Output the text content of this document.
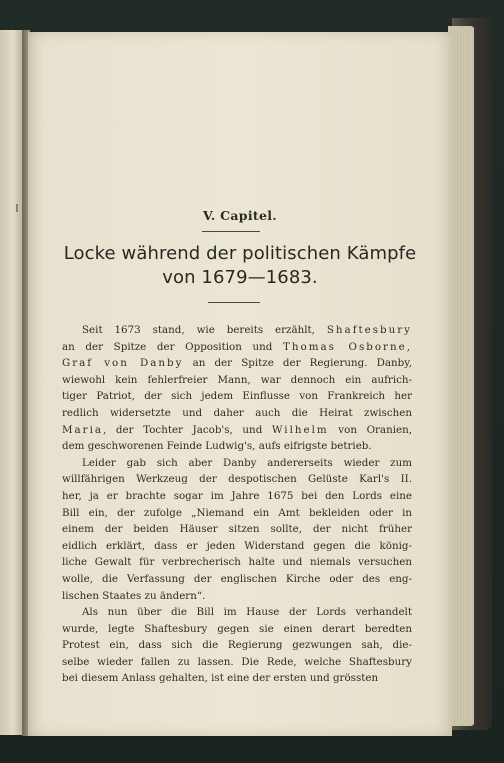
V. Capitel.
Locke während der politischen Kämpfe
von 1679—1683.
Seit 1673 stand, wie bereits erzählt, Shaftesbury
an der Spitze der Opposition und Thomas Osborne,
Graf von Danby an der Spitze der Regierung. Danby,
wiewohl kein fehlerfreier Mann, war dennoch ein aufrich-
tiger Patriot, der sich jedem Einflusse von Frankreich her
redlich widersetzte und daher auch die Heirat zwischen
Maria, der Tochter Jacob's, und Wilhelm von Oranien,
dem geschworenen Feinde Ludwig's, aufs eifrigste betrieb.
Leider gab sich aber Danby andererseits wieder zum
willfährigen Werkzeug der despotischen Gelüste Karl's II.
her, ja er brachte sogar im Jahre 1675 bei den Lords eine
Bill ein, der zufolge „Niemand ein Amt bekleiden oder in
einem der beiden Häuser sitzen sollte, der nicht früher
eidlich erklärt, dass er jeden Widerstand gegen die könig-
liche Gewalt für verbrecherisch halte und niemals versuchen
wolle, die Verfassung der englischen Kirche oder des eng-
lischen Staates zu ändern“.
Als nun über die Bill im Hause der Lords verhandelt
wurde, legte Shaftesbury gegen sie einen derart beredten
Protest ein, dass sich die Regierung gezwungen sah, die-
selbe wieder fallen zu lassen. Die Rede, welche Shaftesbury
bei diesem Anlass gehalten, ist eine der ersten und grössten
